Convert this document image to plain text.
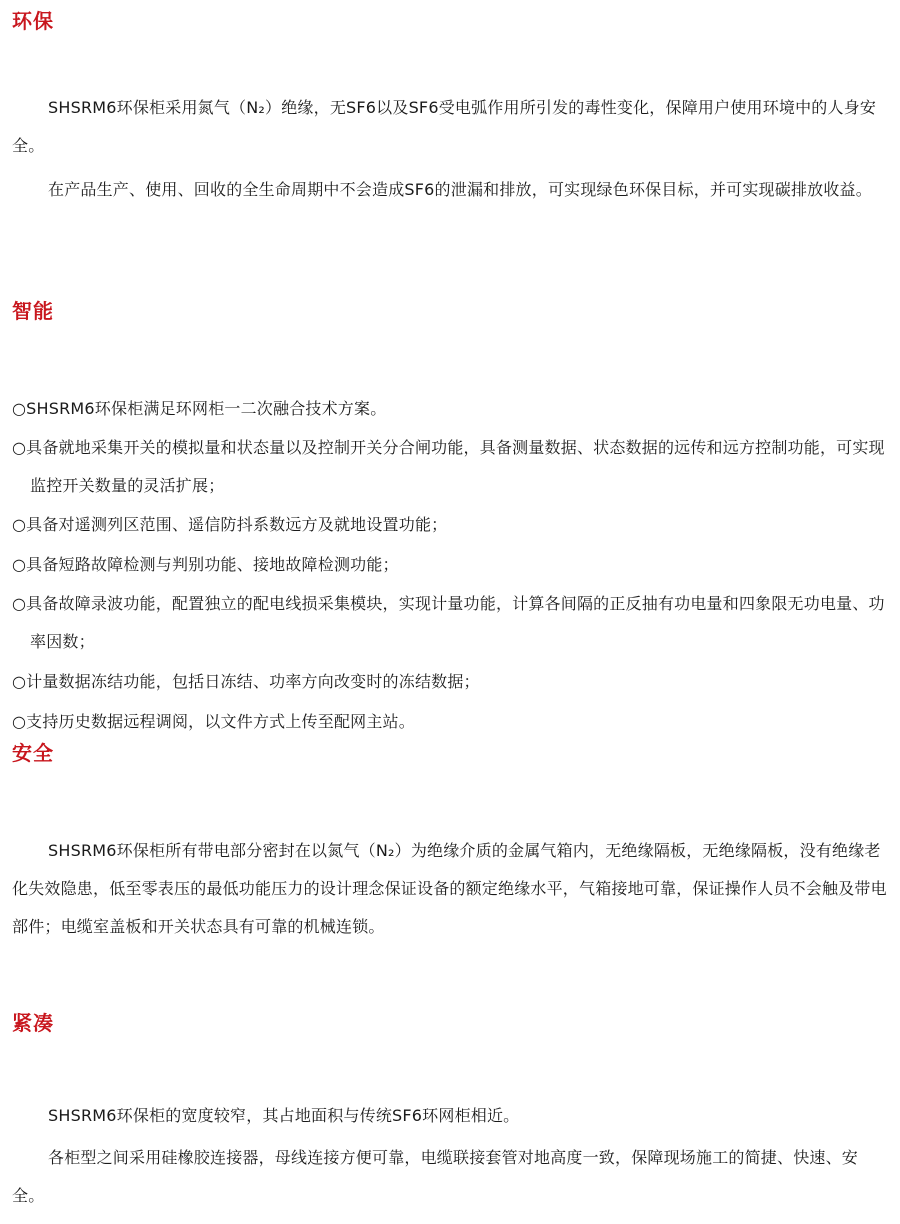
环保

SHSRM6环保柜采用氮气（N₂）绝缘，无SF6以及SF6受电弧作用所引发的毒性变化，保障用户使用环境中的人身安全。

在产品生产、使用、回收的全生命周期中不会造成SF6的泄漏和排放，可实现绿色环保目标，并可实现碳排放收益。

智能

○SHSRM6环保柜满足环网柜一二次融合技术方案。

○具备就地采集开关的模拟量和状态量以及控制开关分合闸功能，具备测量数据、状态数据的远传和远方控制功能，可实现监控开关数量的灵活扩展；

○具备对遥测列区范围、遥信防抖系数远方及就地设置功能；

○具备短路故障检测与判别功能、接地故障检测功能；

○具备故障录波功能，配置独立的配电线损采集模块，实现计量功能，计算各间隔的正反抽有功电量和四象限无功电量、功率因数；

○计量数据冻结功能，包括日冻结、功率方向改变时的冻结数据；

○支持历史数据远程调阅，以文件方式上传至配网主站。

安全

SHSRM6环保柜所有带电部分密封在以氮气（N₂）为绝缘介质的金属气箱内，无绝缘隔板，无绝缘隔板，没有绝缘老化失效隐患，低至零表压的最低功能压力的设计理念保证设备的额定绝缘水平，气箱接地可靠，保证操作人员不会触及带电部件；电缆室盖板和开关状态具有可靠的机械连锁。

紧凑

SHSRM6环保柜的宽度较窄，其占地面积与传统SF6环网柜相近。

各柜型之间采用硅橡胶连接器，母线连接方便可靠，电缆联接套管对地高度一致，保障现场施工的简捷、快速、安全。
